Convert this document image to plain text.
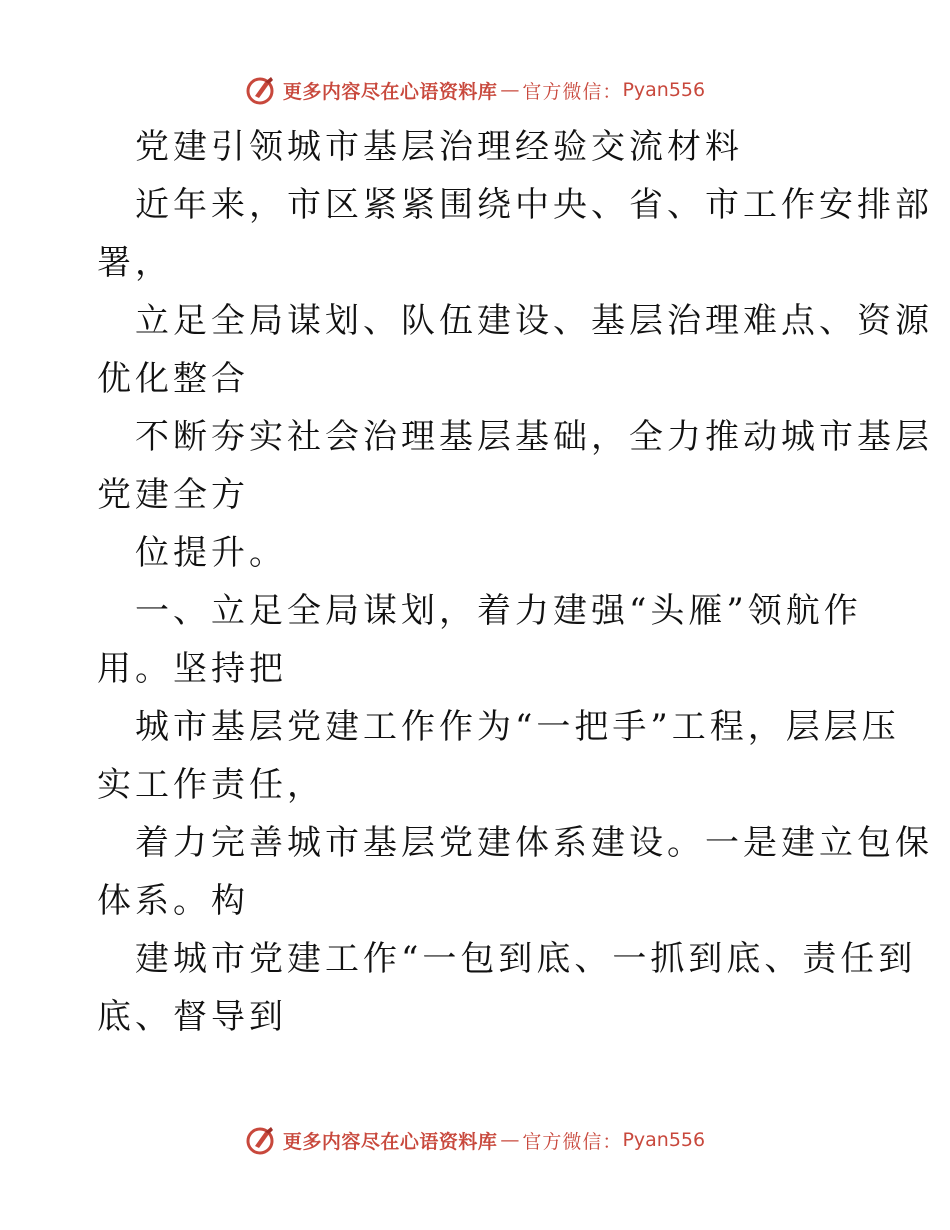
更多内容尽在心语资料库 — 官方微信： Pyan556
党建引领城市基层治理经验交流材料
近年来，市区紧紧围绕中央、省、市工作安排部
署，
立足全局谋划、队伍建设、基层治理难点、资源
优化整合
不断夯实社会治理基层基础，全力推动城市基层
党建全方
位提升。
一、立足全局谋划，着力建强“头雁”领航作
用。坚持把
城市基层党建工作作为“一把手”工程，层层压
实工作责任，
着力完善城市基层党建体系建设。一是建立包保
体系。构
建城市党建工作“一包到底、一抓到底、责任到
底、督导到
更多内容尽在心语资料库 — 官方微信： Pyan556
